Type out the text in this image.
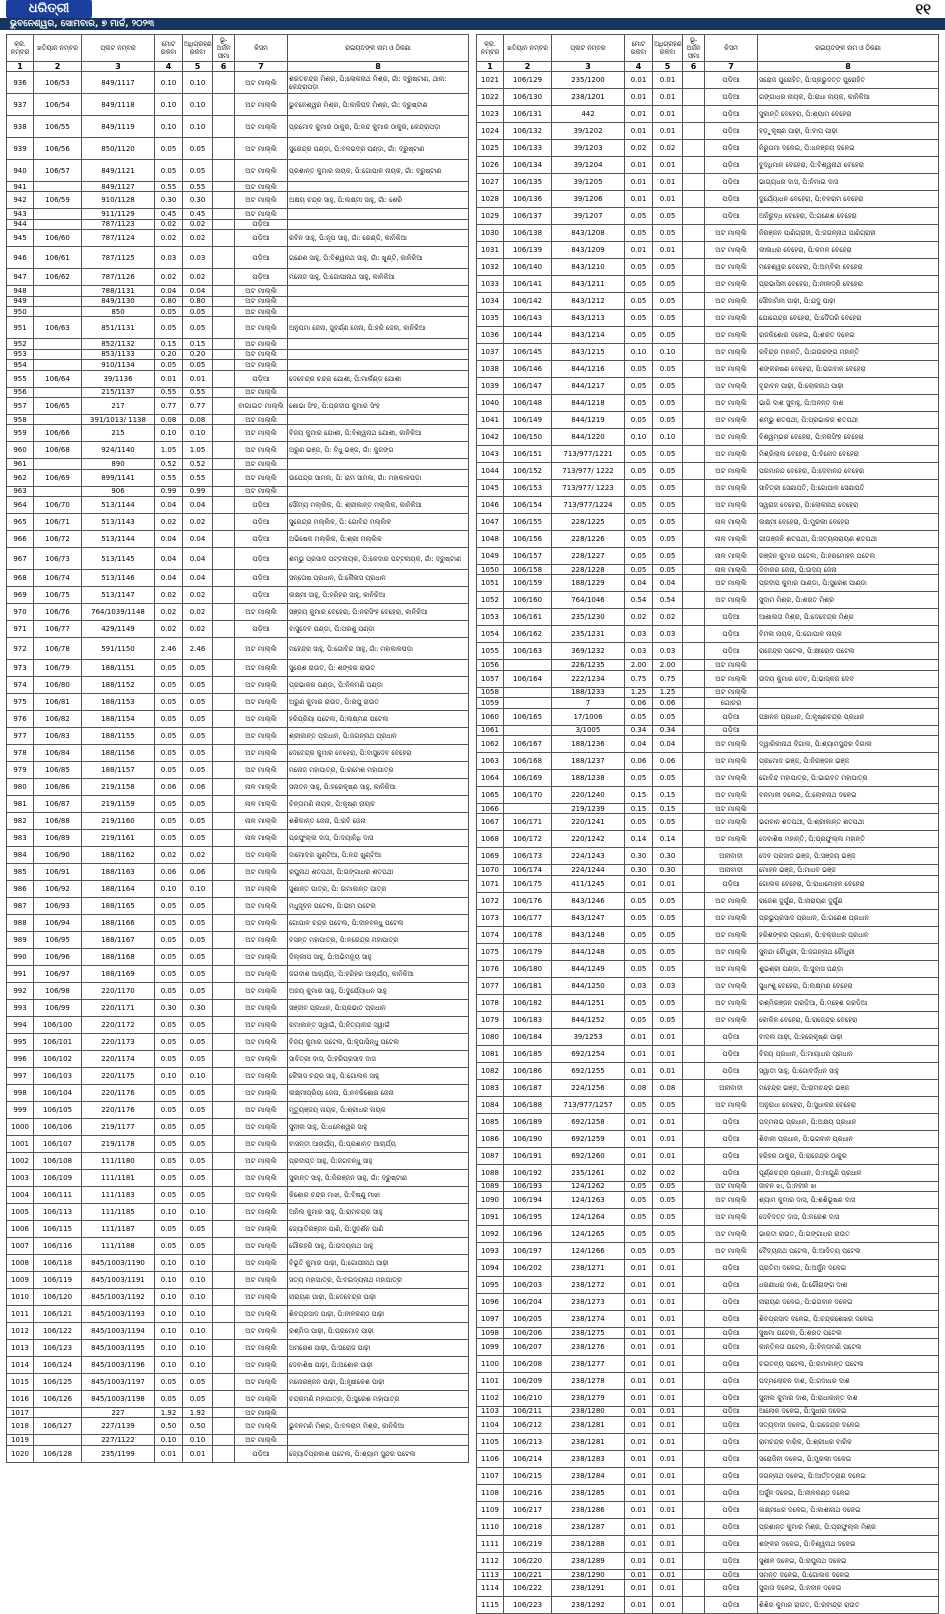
ଧରିତ୍ରୀ	୧୧
ଭୁବନେଶ୍ୱର, ସୋମବାର, ୭ ମାର୍ଚ୍ଚ, ୨୦୨୩
କ୍ର. ନମ୍ବର	ଖତିୟାନ ନମ୍ବର	ପ୍ଲଟ ନମ୍ବର	ମୋଟ ରକବା	ଅଧିଗ୍ରହଣ ରକବା	ଭୂ-ଅର୍ଜନ ସୀମା	କିସମ	ରଇୟତଙ୍କ ନାମ ଓ ଠିକଣା
1	2	3	4	5	6	7	8
936	106/53	849/1117	0.10	0.10		ଅଟ ମାଲ୍ଲି	ଶରତଚନ୍ଦ୍ର ମିଶ୍ର, ପି:ଲୋକନାଥ ମିଶ୍ର, ଗାଁ: ଦ୍ରୁଷ୍ଟାଣ, ଥାନା: କେନ୍ଦ୍ରାପଡ଼ା
937	106/54	849/1118	0.10	0.10		ଅଟ ମାଲ୍ଲି	ଭୁବନେଶ୍ୱର ମିଶ୍ର, ପି:କାଳିପଦ ମିଶ୍ର, ଗାଁ: ଦ୍ରୁଷ୍ଟାଣ
938	106/55	849/1119	0.10	0.10		ଅଟ ମାଲ୍ଲି	ପ୍ରମୋଦ କୁମାର ଠାକୁର, ପି:ନନ୍ଦ କୁମାର ଠାକୁର, କେନ୍ଦ୍ରାପଡ଼ା
939	106/56	850/1120	0.05	0.05		ଅଟ ମାଲ୍ଲି	ସୁରେନ୍ଦ୍ର ପଣ୍ଡା, ପି:ବଳଭଦ୍ର ପଣ୍ଡା, ଗାଁ: ଦ୍ରୁଷ୍ଟାଣ
940	106/57	849/1121	0.05	0.05		ଅଟ ମାଲ୍ଲି	ପ୍ରଶାନ୍ତ କୁମାର ନାୟକ, ପି:ଗୋପାଳ ନାୟକ, ଗାଁ: ଦ୍ରୁଷ୍ଟାଣ
941		849/1127	0.55	0.55		ଅଟ ମାଲ୍ଲି	
942	106/59	910/1128	0.30	0.30		ଅଟ ମାଲ୍ଲି	ଅକ୍ଷୟ ଚନ୍ଦ୍ର ସାହୁ, ପି:ଲକ୍ଷ୍ମୀ ସାହୁ, ଗାଁ: ଶେରି
943		911/1129	0.45	0.45		ଅଟ ମାଲ୍ଲି	
944		787/1123	0.02	0.02		ପଡ଼ିଆ	
945	106/60	787/1124	0.02	0.02		ପଡ଼ିଆ	ରବିନ ସାହୁ, ପି:ନୃପ ସାହୁ, ଗାଁ: ରେଣ୍ଡି, କାନିକିଆ
946	106/61	787/1125	0.03	0.03		ପଡ଼ିଆ	ଗଣେଶ ସାହୁ, ପି:ବିଶ୍ୱନାଥ ସାହୁ, ଗାଁ: ଖୁଣ୍ଟି, କାନିକିଆ
947	106/62	787/1126	0.02	0.02		ପଡ଼ିଆ	ମନୋଜ ସାହୁ, ପି:ଗୋପୀନାଥ ସାହୁ, କାନିକିଆ
948		788/1131	0.04	0.04		ଅଟ ମାଲ୍ଲି	
949		849/1130	0.80	0.80		ଅଟ ମାଲ୍ଲି	
950		850	0.05	0.05		ଅଟ ମାଲ୍ଲି	
951	106/63	851/1131	0.05	0.05		ଅଟ ମାଲ୍ଲି	ଅନୁପମା ଜେନା, ସୁବର୍ଣ୍ଣ ଜେନା, ପି:ହରି ଜେନା, କାନିକିଆ
952		852/1132	0.15	0.15		ଅଟ ମାଲ୍ଲି	
953		853/1133	0.20	0.20		ଅଟ ମାଲ୍ଲି	
954		910/1134	0.05	0.05		ଅଟ ମାଲ୍ଲି	
955	106/64	39/1136	0.01	0.01		ପଡ଼ିଆ	ଦେବେନ୍ଦ୍ର ଚନ୍ଦ୍ର ଯୋଶୀ, ପି:ମାର୍କଣ୍ଡ ଯୋଶୀ
956		215/1137	0.55	0.55		ଅଟ ମାଲ୍ଲି	
957	106/65	217	0.77	0.77		ବାଗାଇତ ମାଲ୍ଲି	ଶୋଭା ସିଂହ, ପି:ପ୍ରଦୀପ କୁମାର ସିଂହ
958		391/1013/ 1138	0.08	0.08		ଅଟ ମାଲ୍ଲି	
959	106/66	215	0.10	0.10		ଅଟ ମାଲ୍ଲି	ବିଜୟ କୁମାର ଯୋଶୀ, ପି:ବିଶ୍ୱନାଥ ଯୋଶୀ, କାନିକିଆ
960	106/68	924/1140	1.05	1.05		ଅଟ ମାଲ୍ଲି	ଅରୁଣ ଭଞ୍ଜ, ପି: ବିଧୁ ଭଞ୍ଜ, ଗାଁ: କୁଜଙ୍ଗ
961		890	0.52	0.52		ଅଟ ମାଲ୍ଲି	
962	106/69	899/1141	0.55	0.55		ଅଟ ମାଲ୍ଲି	ଉପେନ୍ଦ୍ର ସାମଲ, ପି: ରାମ ସାମଲ, ଗାଁ: ମହାକାଳପଡ଼ା
963		906	0.99	0.99		ଅଟ ମାଲ୍ଲି	
964	106/70	513/1144	0.04	0.04		ପଡ଼ିଆ	ସୌମ୍ୟ ମଲ୍ଲିକ, ପି: ଶ୍ରୀକାନ୍ତ ମଲ୍ଲିକ, କାନିକିଆ
965	106/71	513/1143	0.02	0.02		ପଡ଼ିଆ	ସୁରେନ୍ଦ୍ର ମଲ୍ଲିକ, ପି: ଗୋବିନ୍ଦ ମଲ୍ଲିକ
966	106/72	513/1144	0.04	0.04		ପଡ଼ିଆ	ଅଭିଷେକ ମଲ୍ଲିକ, ପି:ଶ୍ରୀ ମଲ୍ଲିକ
967	106/73	513/1145	0.04	0.04		ପଡ଼ିଆ	ଶମ୍ଭୁ ପ୍ରସାଦ ପଟ୍ଟନାୟକ, ପି:କେଦାର ପଟ୍ଟନାୟକ, ଗାଁ: ଦ୍ରୁଷ୍ଟାଣ
968	106/74	513/1146	0.04	0.04		ପଡ଼ିଆ	ସନ୍ତୋଷ ପ୍ରଧାନ, ପି:କୈଳାସ ପ୍ରଧାନ
969	106/75	513/1147	0.02	0.02		ପଡ଼ିଆ	ଲକ୍ଷ୍ମୀ ସାହୁ, ପି:ହରିହର ସାହୁ, କାନିକିଆ
970	106/76	764/1039/1148	0.02	0.02		ଅଟ ମାଲ୍ଲି	ସଞ୍ଜୟ କୁମାର ବେହେରା, ପି:ନରସିଂହ ବେହେରା, କାନିକିଆ
971	106/77	429/1149	0.02	0.02		ପଡ଼ିଆ	ବାସୁଦେବ ପଣ୍ଡା, ପି:ପରଶୁ ପଣ୍ଡା
972	106/78	591/1150	2.46	2.46		ଅଟ ମାଲ୍ଲି	ମହେନ୍ଦ୍ର ସାହୁ, ପି:ଗୋବିନ୍ଦ ସାହୁ, ଗାଁ: ମହାକାଳପଡ଼ା
973	106/79	188/1151	0.05	0.05		ଅଟ ମାଲ୍ଲି	ସୁରେଶ ରାଉତ, ପି: ଶଙ୍କର ରାଉତ
974	106/80	188/1152	0.05	0.05		ଅଟ ମାଲ୍ଲି	ପ୍ରଭାକର ପଣ୍ଡା, ପି:ନିଳମଣି ପଣ୍ଡା
975	106/81	188/1153	0.05	0.05		ଅଟ ମାଲ୍ଲି	ଅରୁଣ କୁମାର ରାଉତ, ପି:ରଘୁ ରାଉତ
976	106/82	188/1154	0.05	0.05		ଅଟ ମାଲ୍ଲି	ହରିପ୍ରିୟା ପଟେଲ, ପି:ଲକ୍ଷ୍ମଣ ପଟେଲ
977	106/83	188/1155	0.05	0.05		ଅଟ ମାଲ୍ଲି	ଶ୍ରୀକାନ୍ତ ପ୍ରଧାନ, ପି:ଜଗନ୍ନାଥ ପ୍ରଧାନ
978	106/84	188/1156	0.05	0.05		ଅଟ ମାଲ୍ଲି	ଦେବେନ୍ଦ୍ର କୁମାର ବେହେରା, ପି:ବାସୁଦେବ ବେହେରା
979	106/85	188/1157	0.05	0.05		ଅଟ ମାଲ୍ଲି	ମନୋଜ ମହାପାତ୍ର, ପି:ରମେଶ ମହାପାତ୍ର
980	106/86	219/1158	0.06	0.06		ନାଳ ମାଲ୍ଲି	ସନାତନ ସାହୁ, ପି:ହରେକୃଷ୍ଣ ସାହୁ, କାନିକିଆ
981	106/87	219/1159	0.05	0.05		ନାଳ ମାଲ୍ଲି	ଚିନ୍ତାମଣି ନାୟକ, ପି:କୃଷ୍ଣ ନାୟକ
982	106/88	219/1160	0.05	0.05		ନାଳ ମାଲ୍ଲି	ଶଶିକାନ୍ତ ଜେନା, ପି:ରବି ଜେନା
983	106/89	219/1161	0.05	0.05		ନାଳ ମାଲ୍ଲି	ପ୍ରଫୁଲ୍ଲ ଦାସ, ପି:ଦୟାନିଧି ଦାସ
984	106/90	188/1162	0.02	0.02		ଅଟ ମାଲ୍ଲି	ଦାମୋଦର ଖୁଣ୍ଟିଆ, ପି:ନନ୍ଦ ଖୁଣ୍ଟିଆ
985	106/91	188/1163	0.06	0.06		ଅଟ ମାଲ୍ଲି	ରଘୁନାଥ ଶତପଥୀ, ପି:ଗଙ୍ଗାଧର ଶତପଥୀ
986	106/92	188/1164	0.10	0.10		ଅଟ ମାଲ୍ଲି	ସୁଶାନ୍ତ ପାତ୍ର, ପି: ଉମାକାନ୍ତ ପାତ୍ର
987	106/93	188/1165	0.05	0.05		ଅଟ ମାଲ୍ଲି	ମଧୁସୂଦନ ପଟେଲ, ପି:ଭୀମ ପଟେଲ
988	106/94	188/1166	0.05	0.05		ଅଟ ମାଲ୍ଲି	ଗୋପାଳ ଚନ୍ଦ୍ର ପଟେଲ, ପି:ଦୀନବନ୍ଧୁ ପଟେଲ
989	106/95	188/1167	0.05	0.05		ଅଟ ମାଲ୍ଲି	ବସନ୍ତ ମହାପାତ୍ର, ପି:ନରେନ୍ଦ୍ର ମହାପାତ୍ର
990	106/96	188/1168	0.05	0.05		ଅଟ ମାଲ୍ଲି	ଦିଲ୍ଲୀପ ସାହୁ, ପି:ଅଭିମନ୍ୟୁ ସାହୁ
991	106/97	188/1169	0.05	0.05		ଅଟ ମାଲ୍ଲି	ଜଗଦୀଶ ଆଚାର୍ଯ୍ୟ, ପି:ହରିହର ଆଚାର୍ଯ୍ୟ, କାନିକିଆ
992	106/98	220/1170	0.05	0.05		ଅଟ ମାଲ୍ଲି	ଅଜୟ କୁମାର ସାହୁ, ପି:ଦୁର୍ଯ୍ୟୋଧନ ସାହୁ
993	106/99	220/1171	0.30	0.30		ଅଟ ମାଲ୍ଲି	ସଞ୍ଜୀବ ପ୍ରଧାନ, ପି:ପ୍ରଭାତ ପ୍ରଧାନ
994	106/100	220/1172	0.05	0.05		ଅଟ ମାଲ୍ଲି	ରମାକାନ୍ତ ସ୍ୱାଇଁ, ପି:ନିତ୍ୟାନନ୍ଦ ସ୍ୱାଇଁ
995	106/101	220/1173	0.05	0.05		ଅଟ ମାଲ୍ଲି	ବିଜୟ କୁମାର ପଟେଲ, ପି:କୃପାସିନ୍ଧୁ ପଟେଲ
996	106/102	220/1174	0.05	0.05		ଅଟ ମାଲ୍ଲି	ସାବିତ୍ରୀ ଦାସ, ପି:ହରିପ୍ରସାଦ ଦାସ
997	106/103	220/1175	0.10	0.10		ଅଟ ମାଲ୍ଲି	କୈଳାସ ଚନ୍ଦ୍ର ସାହୁ, ପି:ଗୋଲକ ସାହୁ
998	106/104	220/1176	0.05	0.05		ଅଟ ମାଲ୍ଲି	ଲକ୍ଷ୍ମୀପ୍ରିୟା ଜେନା, ପି:ନବକିଶୋର ଜେନା
999	106/105	220/1176	0.05	0.05		ଅଟ ମାଲ୍ଲି	ମୃତ୍ୟୁଞ୍ଜୟ ନାୟକ, ପି:ଶ୍ରୀଧର ନାୟକ
1000	106/106	219/1177	0.05	0.05		ଅଟ ମାଲ୍ଲି	ସୁନୀଲ ସାହୁ, ପି:ଧନେଶ୍ୱର ସାହୁ
1001	106/107	219/1178	0.05	0.05		ଅଟ ମାଲ୍ଲି	ବାସନ୍ତୀ ଆଚାର୍ଯ୍ୟ, ପି:ପ୍ରଶାନ୍ତ ଆଚାର୍ଯ୍ୟ
1002	106/108	111/1180	0.05	0.05		ଅଟ ମାଲ୍ଲି	ପ୍ରଦୀପ୍ତ ସାହୁ, ପି:ଜଗବନ୍ଧୁ ସାହୁ
1003	106/109	111/1181	0.05	0.05		ଅଟ ମାଲ୍ଲି	ସୁକାନ୍ତ ସାହୁ, ପି:ନିରଞ୍ଜନ ସାହୁ, ଗାଁ: ଦ୍ରୁଷ୍ଟାଣ
1004	106/111	111/1183	0.05	0.05		ଅଟ ମାଲ୍ଲି	କିଶୋର ଚନ୍ଦ୍ର ମାଝୀ, ପି:ବିଷ୍ଣୁ ମାଝୀ
1005	106/113	111/1185	0.10	0.10		ଅଟ ମାଲ୍ଲି	ଅନିଲ କୁମାର ସାହୁ, ପି:ରାମଚନ୍ଦ୍ର ସାହୁ
1006	106/115	111/1187	0.05	0.05		ଅଟ ମାଲ୍ଲି	ଜ୍ୟୋତିରଞ୍ଜନ ପାଣି, ପି:ସୁଦର୍ଶନ ପାଣି
1007	106/116	111/1188	0.05	0.05		ଅଟ ମାଲ୍ଲି	ଗୌରହରି ସାହୁ, ପି:ଉଦୟନାଥ ସାହୁ
1008	106/118	845/1003/1190	0.10	0.10		ଅଟ ମାଲ୍ଲି	ବିଭୂତି କୁମାର ପାଢ଼ୀ, ପି:ଗୋପୀନାଥ ପାଢ଼ୀ
1009	106/119	845/1003/1191	0.10	0.10		ଅଟ ମାଲ୍ଲି	ସତ୍ୟ ମହାପାତ୍ର, ପି:ବଇଦ୍ୟନାଥ ମହାପାତ୍ର
1010	106/120	845/1003/1192	0.10	0.10		ଅଟ ମାଲ୍ଲି	ନାରାୟଣ ପାଢ଼ୀ, ପି:ଦେବେନ୍ଦ୍ର ପାଢ଼ୀ
1011	106/121	845/1003/1193	0.10	0.10		ଅଟ ମାଲ୍ଲି	ଶିବପ୍ରସାଦ ପାଢ଼ୀ, ପି:ନୀଳକଣ୍ଠ ପାଢ଼ୀ
1012	106/122	845/1003/1194	0.10	0.10		ଅଟ ମାଲ୍ଲି	ରଶ୍ମିତା ପାଢ଼ୀ, ପି:ପ୍ରମୋଦ ପାଢ଼ୀ
1013	106/123	845/1003/1195	0.10	0.10		ଅଟ ମାଲ୍ଲି	ଅମରେଶ ପାଢ଼ୀ, ପି:ସରୋଜ ପାଢ଼ୀ
1014	106/124	845/1003/1196	0.10	0.10		ଅଟ ମାଲ୍ଲି	ଦେବାଶିଷ ପାଢ଼ୀ, ପି:ଅଶୋକ ପାଢ଼ୀ
1015	106/125	845/1003/1197	0.05	0.05		ଅଟ ମାଲ୍ଲି	ମନୋରଞ୍ଜନ ପାଢ଼ୀ, ପି:ହୃଷୀକେଶ ପାଢ଼ୀ
1016	106/126	845/1003/1198	0.05	0.05		ଅଟ ମାଲ୍ଲି	ଚନ୍ଦ୍ରମଣି ମହାପାତ୍ର, ପି:ସୁରେଶ ମହାପାତ୍ର
1017		227	1.92	1.92		ଅଟ ମାଲ୍ଲି	
1018	106/127	227/1139	0.50	0.50		ଅଟ ମାଲ୍ଲି	ଭୁବନମଣି ମିଶ୍ର, ପି:ବଳରାମ ମିଶ୍ର, କାନିକିଆ
1019		227/1122	0.10	0.10		ଅଟ ମାଲ୍ଲି	
1020	106/128	235/1199	0.01	0.01		ପଡ଼ିଆ	ଜ୍ୟୋତିପ୍ରକାଶ ପଟେଲ, ପି:ଶ୍ୟାମ ସୁନ୍ଦର ପଟେଲ
କ୍ର. ନମ୍ବର	ଖତିୟାନ ନମ୍ବର	ପ୍ଲଟ ନମ୍ବର	ମୋଟ ରକବା	ଅଧିଗ୍ରହଣ ରକବା	ଭୂ-ଅର୍ଜନ ସୀମା	କିସମ	ରଇୟତଙ୍କ ନାମ ଓ ଠିକଣା
1	2	3	4	5	6	7	8
1021	106/129	235/1200	0.01	0.01		ପଡ଼ିଆ	ସରୋଜ ପୁରୋହିତ, ପି:ପ୍ରଭୁଦତ୍ତ ପୁରୋହିତ
1022	106/130	238/1201	0.01	0.01		ପଡ଼ିଆ	ଗଙ୍ଗାଧର ନାୟକ, ପି:ରାଧା ନାୟକ, କାନିକିଆ
1023	106/131	442	0.01	0.01		ପଡ଼ିଆ	ସୁକାନ୍ତି ବେହେରା, ପି:ଶ୍ୟାମ ବେହେରା
1024	106/132	39/1202	0.01	0.01		ପଡ଼ିଆ	ହଡ଼ୁକୃଷ୍ଣ ପାଢ଼ୀ, ପି:ବାଘ ପାଢ଼ୀ
1025	106/133	39/1203	0.02	0.02		ପଡ଼ିଆ	ନିରୁପମା ଦଳେଇ, ପି:ଧନଞ୍ଜୟ ଦଳେଇ
1026	106/134	39/1204	0.01	0.01		ପଡ଼ିଆ	ବୁଦ୍ଧିମାନ ବେହେରା, ପି:ବିଶ୍ୱନାଥ ବେହେରା
1027	106/135	39/1205	0.01	0.01		ପଡ଼ିଆ	ଭାଗ୍ୟଧର ଦାସ, ପି:ନିମାଇ ଦାସ
1028	106/136	39/1206	0.01	0.01		ପଡ଼ିଆ	ଦୁର୍ଯ୍ୟୋଧନ ବେହେରା, ପି:ବଳରାମ ବେହେରା
1029	106/137	39/1207	0.05	0.05		ପଡ଼ିଆ	ଅନିରୁଦ୍ଧ ବେହେରା, ପି:ଗଣେଶ ବେହେରା
1030	106/138	843/1208	0.05	0.05		ଅଟ ମାଲ୍ଲି	ନିରଞ୍ଜନ ପାଣିଗ୍ରାହୀ, ପି:ଜଗନ୍ନାଥ ପାଣିଗ୍ରାହୀ
1031	106/139	843/1209	0.01	0.01		ଅଟ ମାଲ୍ଲି	ଲୀଳାଧର ବେହେରା, ପି:କମଳ ବେହେରା
1032	106/140	843/1210	0.05	0.05		ଅଟ ମାଲ୍ଲି	ମହେଶ୍ୱର ବେହେରା, ପି:ଅମ୍ବିକା ବେହେରା
1033	106/141	843/1211	0.05	0.05		ଅଟ ମାଲ୍ଲି	ପ୍ରଭାସିନୀ ବେହେରା, ପି:ନୀଳାଦ୍ରି ବେହେରା
1034	106/142	843/1212	0.05	0.05		ଅଟ ମାଲ୍ଲି	ସୌଦାମିନୀ ପାଢ଼ୀ, ପି:ଯଦୁ ପାଢ଼ୀ
1035	106/143	843/1213	0.05	0.05		ଅଟ ମାଲ୍ଲି	ଯୋଗେନ୍ଦ୍ର ବେହେରା, ପି:ଦୈତାରି ବେହେରା
1036	106/144	843/1214	0.05	0.05		ଅଟ ମାଲ୍ଲି	ରାଜକିଶୋର ଦଳେଇ, ପି:ଶରତ ଦଳେଇ
1037	106/145	843/1215	0.10	0.10		ଅଟ ମାଲ୍ଲି	ରବିନ୍ଦ୍ର ମହାନ୍ତି, ପି:ଗଉରଙ୍ଗ ମହାନ୍ତି
1038	106/146	844/1216	0.05	0.05		ଅଟ ମାଲ୍ଲି	ଶଙ୍କରଷଣ ବେହେରା, ପି:ଭଗବାନ ବେହେରା
1039	106/147	844/1217	0.05	0.05		ଅଟ ମାଲ୍ଲି	ବୃନ୍ଦାବନ ପାଢ଼ୀ, ପି:ଲୋକନାଥ ପାଢ଼ୀ
1040	106/148	844/1218	0.05	0.05		ଅଟ ମାଲ୍ଲି	ଭାଗି ଦାଶ ସୁବାହୁ, ପି:ଅନନ୍ତ ଦାଶ
1041	106/149	844/1219	0.05	0.05		ଅଟ ମାଲ୍ଲି	ଶମ୍ଭୁ ଶତପଥୀ, ପି:ପ୍ରଭାକର ଶତପଥୀ
1042	106/150	844/1220	0.10	0.10		ଅଟ ମାଲ୍ଲି	ବିଶ୍ୱମ୍ଭର ବେହେରା, ପି:ନରସିଂହ ବେହେରା
1043	106/151	713/977/1221	0.05	0.05		ଅଟ ମାଲ୍ଲି	ମିଶ୍ରିଲାଲ ବେହେରା, ପି:ବିନୋଦ ବେହେରା
1044	106/152	713/977/ 1222	0.05	0.05		ଅଟ ମାଲ୍ଲି	ପରମାନନ୍ଦ ବେହେରା, ପି:ଦେବାନନ୍ଦ ବେହେରା
1045	106/153	713/977/ 1223	0.05	0.05		ଅଟ ମାଲ୍ଲି	ସାବିତ୍ରୀ ସେଣାପତି, ପି:ଗୋପାଳ ସେଣାପତି
1046	106/154	713/977/1224	0.05	0.05		ଅଟ ମାଲ୍ଲି	ସ୍ୱରାଜ ବେହେରା, ପି:ଲୋକନାଥ ବେହେରା
1047	106/155	228/1225	0.05	0.05		ନାଳ ମାଲ୍ଲି	ଲକ୍ଷ୍ମୀ ବେହେରା, ପି:ମୁରଲୀ ବେହେରା
1048	106/156	228/1226	0.05	0.05		ନାଳ ମାଲ୍ଲି	ଗୀତାଞ୍ଜଳି ଶତପଥୀ, ପି:ସତ୍ୟନାରାୟଣ ଶତପଥୀ
1049	106/157	228/1227	0.05	0.05		ନାଳ ମାଲ୍ଲି	ରଞ୍ଜନ କୁମାର ପଟେଲ, ପି:ହରମୋହନ ପଟେଲ
1050	106/158	228/1228	0.05	0.05		ନାଳ ମାଲ୍ଲି	ଦିବାକର ଜେନା, ପି:ଉଦୟ ଜେନା
1051	106/159	188/1229	0.04	0.04		ଅଟ ମାଲ୍ଲି	ପ୍ରଦୀପ କୁମାର ପାଣ୍ଡା, ପି:ସୁରେଶ ପାଣ୍ଡା
1052	106/160	764/1046	0.54	0.54		ଅଟ ମାଲ୍ଲି	ସୁଦାମ ମିଶ୍ର, ପି:ଶରତ ମିଶ୍ର
1053	106/161	235/1230	0.02	0.02		ପଡ଼ିଆ	ଆଶାଲତା ମିଶ୍ର, ପି:ଦେବେନ୍ଦ୍ର ମିଶ୍ର
1054	106/162	235/1231	0.03	0.03		ପଡ଼ିଆ	ବିମଳା ନାୟକ, ପି:ଗୋପାଳ ନାୟକ
1055	106/163	369/1232	0.03	0.03		ପଡ଼ିଆ	ରାଜେନ୍ଦ୍ର ପଟେଲ, ପି:କ୍ଷୀରୋଦ ପଟେଲ
1056		226/1235	2.00	2.00		ଅଟ ମାଲ୍ଲି	
1057	106/164	222/1234	0.75	0.75		ଅଟ ମାଲ୍ଲି	ଉଦୟ କୁମାର ଦେବ, ପି:ଭାସ୍କର ଦେବ
1058		188/1233	1.25	1.25		ଅଟ ମାଲ୍ଲି	
1059		7	0.06	0.06		ଗୋଚର	
1060	106/165	17/1006	0.05	0.05		ପଡ଼ିଆ	ପଞ୍ଚାନନ ପ୍ରଧାନ, ପି:କୃଷ୍ଣଚନ୍ଦ୍ର ପ୍ରଧାନ
1061		3/1005	0.34	0.34		ପଡ଼ିଆ	
1062	106/167	188/1236	0.04	0.04		ଅଟ ମାଲ୍ଲି	ଦ୍ୱାରିକାନାଥ ଦିଗାଲ, ପି:ଶ୍ୟାମସୁନ୍ଦର ଦିଗାଲ
1063	106/168	188/1237	0.06	0.06		ଅଟ ମାଲ୍ଲି	ପ୍ରମୋଦ ଭଞ୍ଜ, ପି:ନିରଞ୍ଜନ ଭଞ୍ଜ
1064	106/169	188/1238	0.05	0.05		ଅଟ ମାଲ୍ଲି	ଗୋବିନ୍ଦ ମହାପାତ୍ର, ପି:ଭାଗବତ ମହାପାତ୍ର
1065	106/170	220/1240	0.15	0.15		ଅଟ ମାଲ୍ଲି	ବନମାଳୀ ଦଳେଇ, ପି:ଲୋକନାଥ ଦଳେଇ
1066		219/1239	0.15	0.15		ଅଟ ମାଲ୍ଲି	
1067	106/171	220/1241	0.05	0.05		ଅଟ ମାଲ୍ଲି	ଭଗବାନ ଶତପଥୀ, ପି:ଶ୍ରୀକାନ୍ତ ଶତପଥୀ
1068	106/172	220/1242	0.14	0.14		ଅଟ ମାଲ୍ଲି	ଦେବାଶିଷ ମହାନ୍ତି, ପି:ପ୍ରଫୁଲ୍ଲ ମହାନ୍ତି
1069	106/173	224/1243	0.30	0.30		ଅନାବାଦୀ	ଦେବ ପ୍ରସାଦ ଭଞ୍ଜ, ପି:ସଞ୍ଜୟ ଭଞ୍ଜ
1070	106/174	224/1244	0.30	0.30		ଅନାବାଦୀ	ମୋହନ ଭଞ୍ଜ, ପି:ମାଧବ ଭଞ୍ଜ
1071	106/175	411/1245	0.01	0.01		ପଡ଼ିଆ	ଗୋଲକ ବେହେରା, ପି:ରାଧାମୋହନ ବେହେରା
1072	106/176	843/1246	0.05	0.05		ଅଟ ମାଲ୍ଲି	ରାଜେଶ ଦୁର୍ଗୁଣ, ପି:ନାରାୟଣ ଦୁର୍ଗୁଣ
1073	106/177	843/1247	0.05	0.05		ଅଟ ମାଲ୍ଲି	ପ୍ରଭୁପ୍ରସାଦ ପ୍ରଧାନ, ପି:ଗଣେଶ ପ୍ରଧାନ
1074	106/178	843/1248	0.05	0.05		ଅଟ ମାଲ୍ଲି	ହରିଶଙ୍କର ପ୍ରଧାନ, ପି:ଚକ୍ରଧର ପ୍ରଧାନ
1075	106/179	844/1248	0.05	0.05		ଅଟ ମାଲ୍ଲି	ସୁନନ୍ଦା ଚୌଧୁରୀ, ପି:ଜଗନ୍ନାଥ ଚୌଧୁରୀ
1076	106/180	844/1249	0.05	0.05		ଅଟ ମାଲ୍ଲି	ଶୁଭଶ୍ରୀ ପଣ୍ଡା, ପି:ସୁବାସ ପଣ୍ଡା
1077	106/181	844/1250	0.03	0.03		ଅଟ ମାଲ୍ଲି	ସୁଧାଂଶୁ ବେହେରା, ପି:ଲକ୍ଷ୍ମଣ ବେହେରା
1078	106/182	844/1251	0.05	0.05		ଅଟ ମାଲ୍ଲି	ରଶ୍ମିରଞ୍ଜନ ଗରଡ଼ିଆ, ପି:ମହେଶ ଗରଡ଼ିଆ
1079	106/183	844/1252	0.05	0.05		ଅଟ ମାଲ୍ଲି	କୋକିଳ ବେହେରା, ପି:ରାଜେନ୍ଦ୍ର ବେହେରା
1080	106/184	39/1253	0.01	0.01		ପଡ଼ିଆ	ବାଦଲ ପାଢ଼ୀ, ପି:ହରେକୃଷ୍ଣ ପାଢ଼ୀ
1081	106/185	692/1254	0.01	0.01		ପଡ଼ିଆ	ବିଜୟ ପ୍ରଧାନ, ପି:ମାୟାଧର ପ୍ରଧାନ
1082	106/186	692/1255	0.01	0.01		ପଡ଼ିଆ	ସ୍ୱାତୀ ସାହୁ, ପି:ଗୋବର୍ଦ୍ଧନ ସାହୁ
1083	106/187	224/1256	0.08	0.08		ଅନାବାଦୀ	ମହେନ୍ଦ୍ର ଭଞ୍ଜ, ପି:ରାମଚନ୍ଦ୍ର ଭଞ୍ଜ
1084	106/188	713/977/1257	0.05	0.05		ଅଟ ମାଲ୍ଲି	ଅନୁରାଧା ବେହେରା, ପି:ସୁଧାକର ବେହେରା
1085	106/189	692/1258	0.01	0.01		ପଡ଼ିଆ	ପଦ୍ମନାଭ ପ୍ରଧାନ, ପି:ଅକ୍ଷୟ ପ୍ରଧାନ
1086	106/190	692/1259	0.01	0.01		ପଡ଼ିଆ	ଶିବାନୀ ପ୍ରଧାନ, ପି:ଭଗବାନ ପ୍ରଧାନ
1087	106/191	692/1260	0.01	0.01		ପଡ଼ିଆ	ହରିହର ଠାକୁର, ପି:ରାଜେନ୍ଦ୍ର ଠାକୁର
1088	106/192	235/1261	0.02	0.02		ପଡ଼ିଆ	ପୂର୍ଣ୍ଣଚନ୍ଦ୍ର ପ୍ରଧାନ, ପି:ମାଗୁଣି ପ୍ରଧାନ
1089	106/193	124/1262	0.05	0.05		ଅଟ ମାଲ୍ଲି	ଜୀବନ ଝା, ପି:ନବୀନ ଝା
1090	106/194	124/1263	0.05	0.05		ଅଟ ମାଲ୍ଲି	ଶ୍ୟାମ କୁମାର ଦାସ, ପି:ଶଶିଭୂଷଣ ଦାସ
1091	106/195	124/1264	0.05	0.05		ଅଟ ମାଲ୍ଲି	ଦେବିଦତ୍ତ ଦାସ, ପି:ନରେଶ ଦାସ
1092	106/196	124/1265	0.05	0.05		ଅଟ ମାଲ୍ଲି	ଭାରତୀ ରାଉତ, ପି:ଗଙ୍ଗାଧର ରାଉତ
1093	106/197	124/1266	0.05	0.05		ଅଟ ମାଲ୍ଲି	ବୈଦ୍ୟନାଥ ପଟେଲ, ପି:ଆଦିତ୍ୟ ପଟେଲ
1094	106/202	238/1271	0.01	0.01		ପଡ଼ିଆ	ପ୍ରତିମା ଦଳେଇ, ପି:ଅର୍ଜୁନ ଦଳେଇ
1095	106/203	238/1272	0.01	0.01		ପଡ଼ିଆ	ଧରଣୀଧର ଦାଶ, ପି:ଗୌରାଙ୍ଗ ଦାଶ
1096	106/204	238/1273	0.01	0.01		ପଡ଼ିଆ	ନାରାୟଣ ଦଳେଇ, ପି:ଭଗବାନ ଦଳେଇ
1097	106/205	238/1274	0.01	0.01		ପଡ଼ିଆ	ଶିବପ୍ରସାଦ ଦଳେଇ, ପି:ଚନ୍ଦ୍ରଶେଖର ଦଳେଇ
1098	106/206	238/1275	0.01	0.01		ପଡ଼ିଆ	ସୁଷମା ପଟେଲ, ପି:ଶରତ ପଟେଲ
1099	106/207	238/1276	0.01	0.01		ପଡ଼ିଆ	କାନ୍ତିଳତା ପଟେଲ, ପି:ଚିନ୍ତାମଣି ପଟେଲ
1100	106/208	238/1277	0.01	0.01		ପଡ଼ିଆ	ଚଇତନ୍ୟ ପଟେଲ, ପି:ରମାକାନ୍ତ ପଟେଲ
1101	106/209	238/1278	0.01	0.01		ପଡ଼ିଆ	ପଦ୍ମଲୋଚନ ଦାଶ, ପି:ଗଦାଧର ଦାଶ
1102	106/210	238/1279	0.01	0.01		ପଡ଼ିଆ	ସୁନୀଲ କୁମାର ଦାଶ, ପି:ରାଧାକାନ୍ତ ଦାଶ
1103	106/211	238/1280	0.01	0.01		ପଡ଼ିଆ	ଆଲୋକ ଦଳେଇ, ପି:ସୁଧୀର ଦଳେଇ
1104	106/212	238/1281	0.01	0.01		ପଡ଼ିଆ	ସତ୍ୟବାଦୀ ଦଳେଇ, ପି:ଗଜେନ୍ଦ୍ର ଦଳେଇ
1105	106/213	238/1281	0.01	0.01		ପଡ଼ିଆ	ରାମଚନ୍ଦ୍ର ବାରିକ, ପି:ଶ୍ରୀଧର ବାରିକ
1106	106/214	238/1283	0.01	0.01		ପଡ଼ିଆ	ସରୋଜିନୀ ଦଳେଇ, ପି:ମୁରଲୀ ଦଳେଇ
1107	106/215	238/1284	0.01	0.01		ପଡ଼ିଆ	ଜଗନ୍ନାଥ ଦଳେଇ, ପି:ଆର୍ତ୍ତତ୍ରାଣ ଦଳେଇ
1108	106/216	238/1285	0.01	0.01		ପଡ଼ିଆ	ଅର୍ଜୁନ ଦଳେଇ, ପି:ନୀଳକଣ୍ଠ ଦଳେଇ
1109	106/217	238/1286	0.01	0.01		ପଡ଼ିଆ	ଲକ୍ଷ୍ମୀଧର ଦଳେଇ, ପି:କାଶୀନାଥ ଦଳେଇ
1110	106/218	238/1287	0.01	0.01		ପଡ଼ିଆ	ପ୍ରଶାନ୍ତ କୁମାର ମିଶ୍ର, ପି:ପ୍ରଫୁଲ୍ଲ ମିଶ୍ର
1111	106/219	238/1288	0.01	0.01		ପଡ଼ିଆ	ଶଙ୍କର ଦଳେଇ, ପି:ବିଶ୍ୱନାଥ ଦଳେଇ
1112	106/220	238/1289	0.01	0.01		ପଡ଼ିଆ	ସୁଶୀଳ ଦଳେଇ, ପି:ରଘୁନାଥ ଦଳେଇ
1113	106/221	238/1290	0.01	0.01		ପଡ଼ିଆ	ସମନ୍ତ ଦଳେଇ, ପି:ଗୋଲକ ଦଳେଇ
1114	106/222	238/1291	0.01	0.01		ପଡ଼ିଆ	ସୁଜାତା ଦଳେଇ, ପି:ନବୀନ ଦଳେଇ
1115	106/223	238/1292	0.01	0.01		ପଡ଼ିଆ	ଶିଶିର କୁମାର ରାଉତ, ପି:ରବୀନ୍ଦ୍ର ରାଉତ
